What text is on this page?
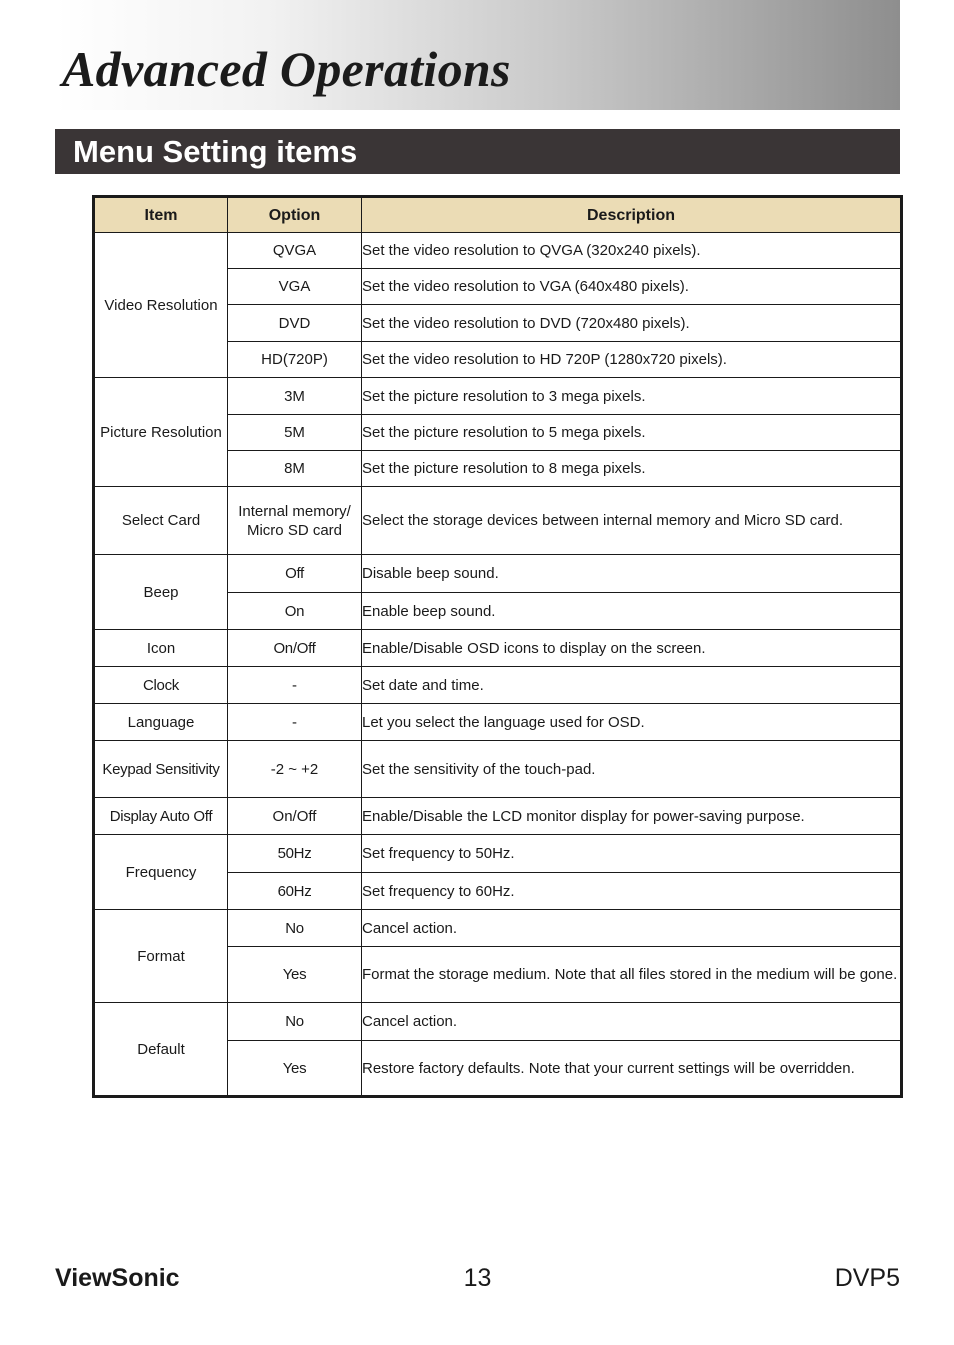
Advanced Operations
Menu Setting items
Item	Option	Description
Video Resolution	QVGA	Set the video resolution to QVGA (320x240 pixels).
	VGA	Set the video resolution to VGA (640x480 pixels).
	DVD	Set the video resolution to DVD (720x480 pixels).
	HD(720P)	Set the video resolution to HD 720P (1280x720 pixels).
Picture Resolution	3M	Set the picture resolution to 3 mega pixels.
	5M	Set the picture resolution to 5 mega pixels.
	8M	Set the picture resolution to 8 mega pixels.
Select Card	Internal memory/ Micro SD card	Select the storage devices between internal memory and Micro SD card.
Beep	Off	Disable beep sound.
	On	Enable beep sound.
Icon	On/Off	Enable/Disable OSD icons to display on the screen.
Clock	-	Set date and time.
Language	-	Let you select the language used for OSD.
Keypad Sensitivity	-2 ~ +2	Set the sensitivity of the touch-pad.
Display Auto Off	On/Off	Enable/Disable the LCD monitor display for power-saving purpose.
Frequency	50Hz	Set frequency to 50Hz.
	60Hz	Set frequency to 60Hz.
Format	No	Cancel action.
	Yes	Format the storage medium. Note that all files stored in the medium will be gone.
Default	No	Cancel action.
	Yes	Restore factory defaults. Note that your current settings will be overridden.
ViewSonic	13	DVP5
